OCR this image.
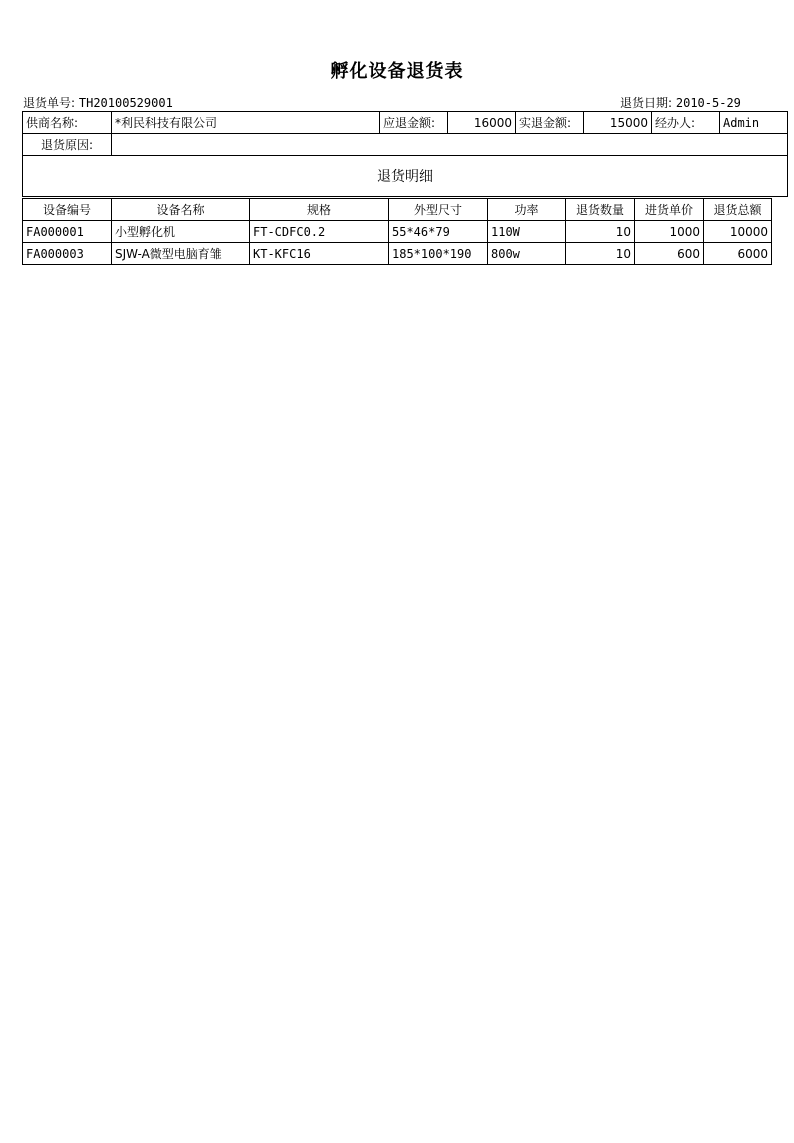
孵化设备退货表
退货单号: TH20100529001	退货日期: 2010-5-29
供商名称:	*利民科技有限公司	应退金额:	16000	实退金额:	15000	经办人:	Admin
退货原因:							
退货明细							
设备编号	设备名称	规格	外型尺寸	功率	退货数量	进货单价	退货总额
FA000001	小型孵化机	FT-CDFC0.2	55*46*79	110W	10	1000	10000
FA000003	SJW-A微型电脑育雏	KT-KFC16	185*100*190	800w	10	600	6000
